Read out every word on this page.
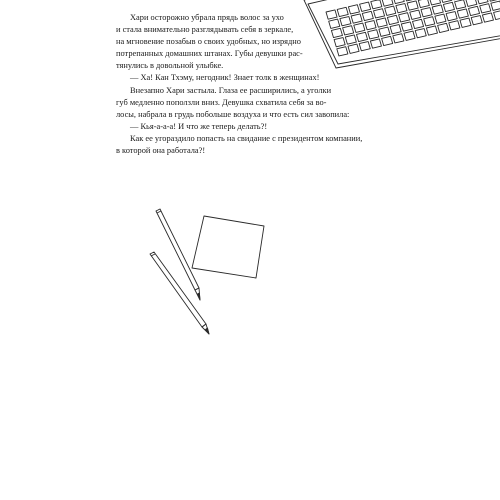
Хари осторожно убрала прядь волос за ухо
и стала внимательно разглядывать себя в зеркале,
на мгновение позабыв о своих удобных, но изрядно
потрепанных домашних штанах. Губы девушки рас-
тянулись в довольной улыбке.
— Ха! Кан Тхэму, негодник! Знает толк в женщинах!
Внезапно Хари застыла. Глаза ее расширились, а уголки
губ медленно поползли вниз. Девушка схватила себя за во-
лосы, набрала в грудь побольше воздуха и что есть сил завопила:
— Кья-а-а-а! И что же теперь делать?!
Как ее угораздило попасть на свидание с президентом компании,
в которой она работала?!
